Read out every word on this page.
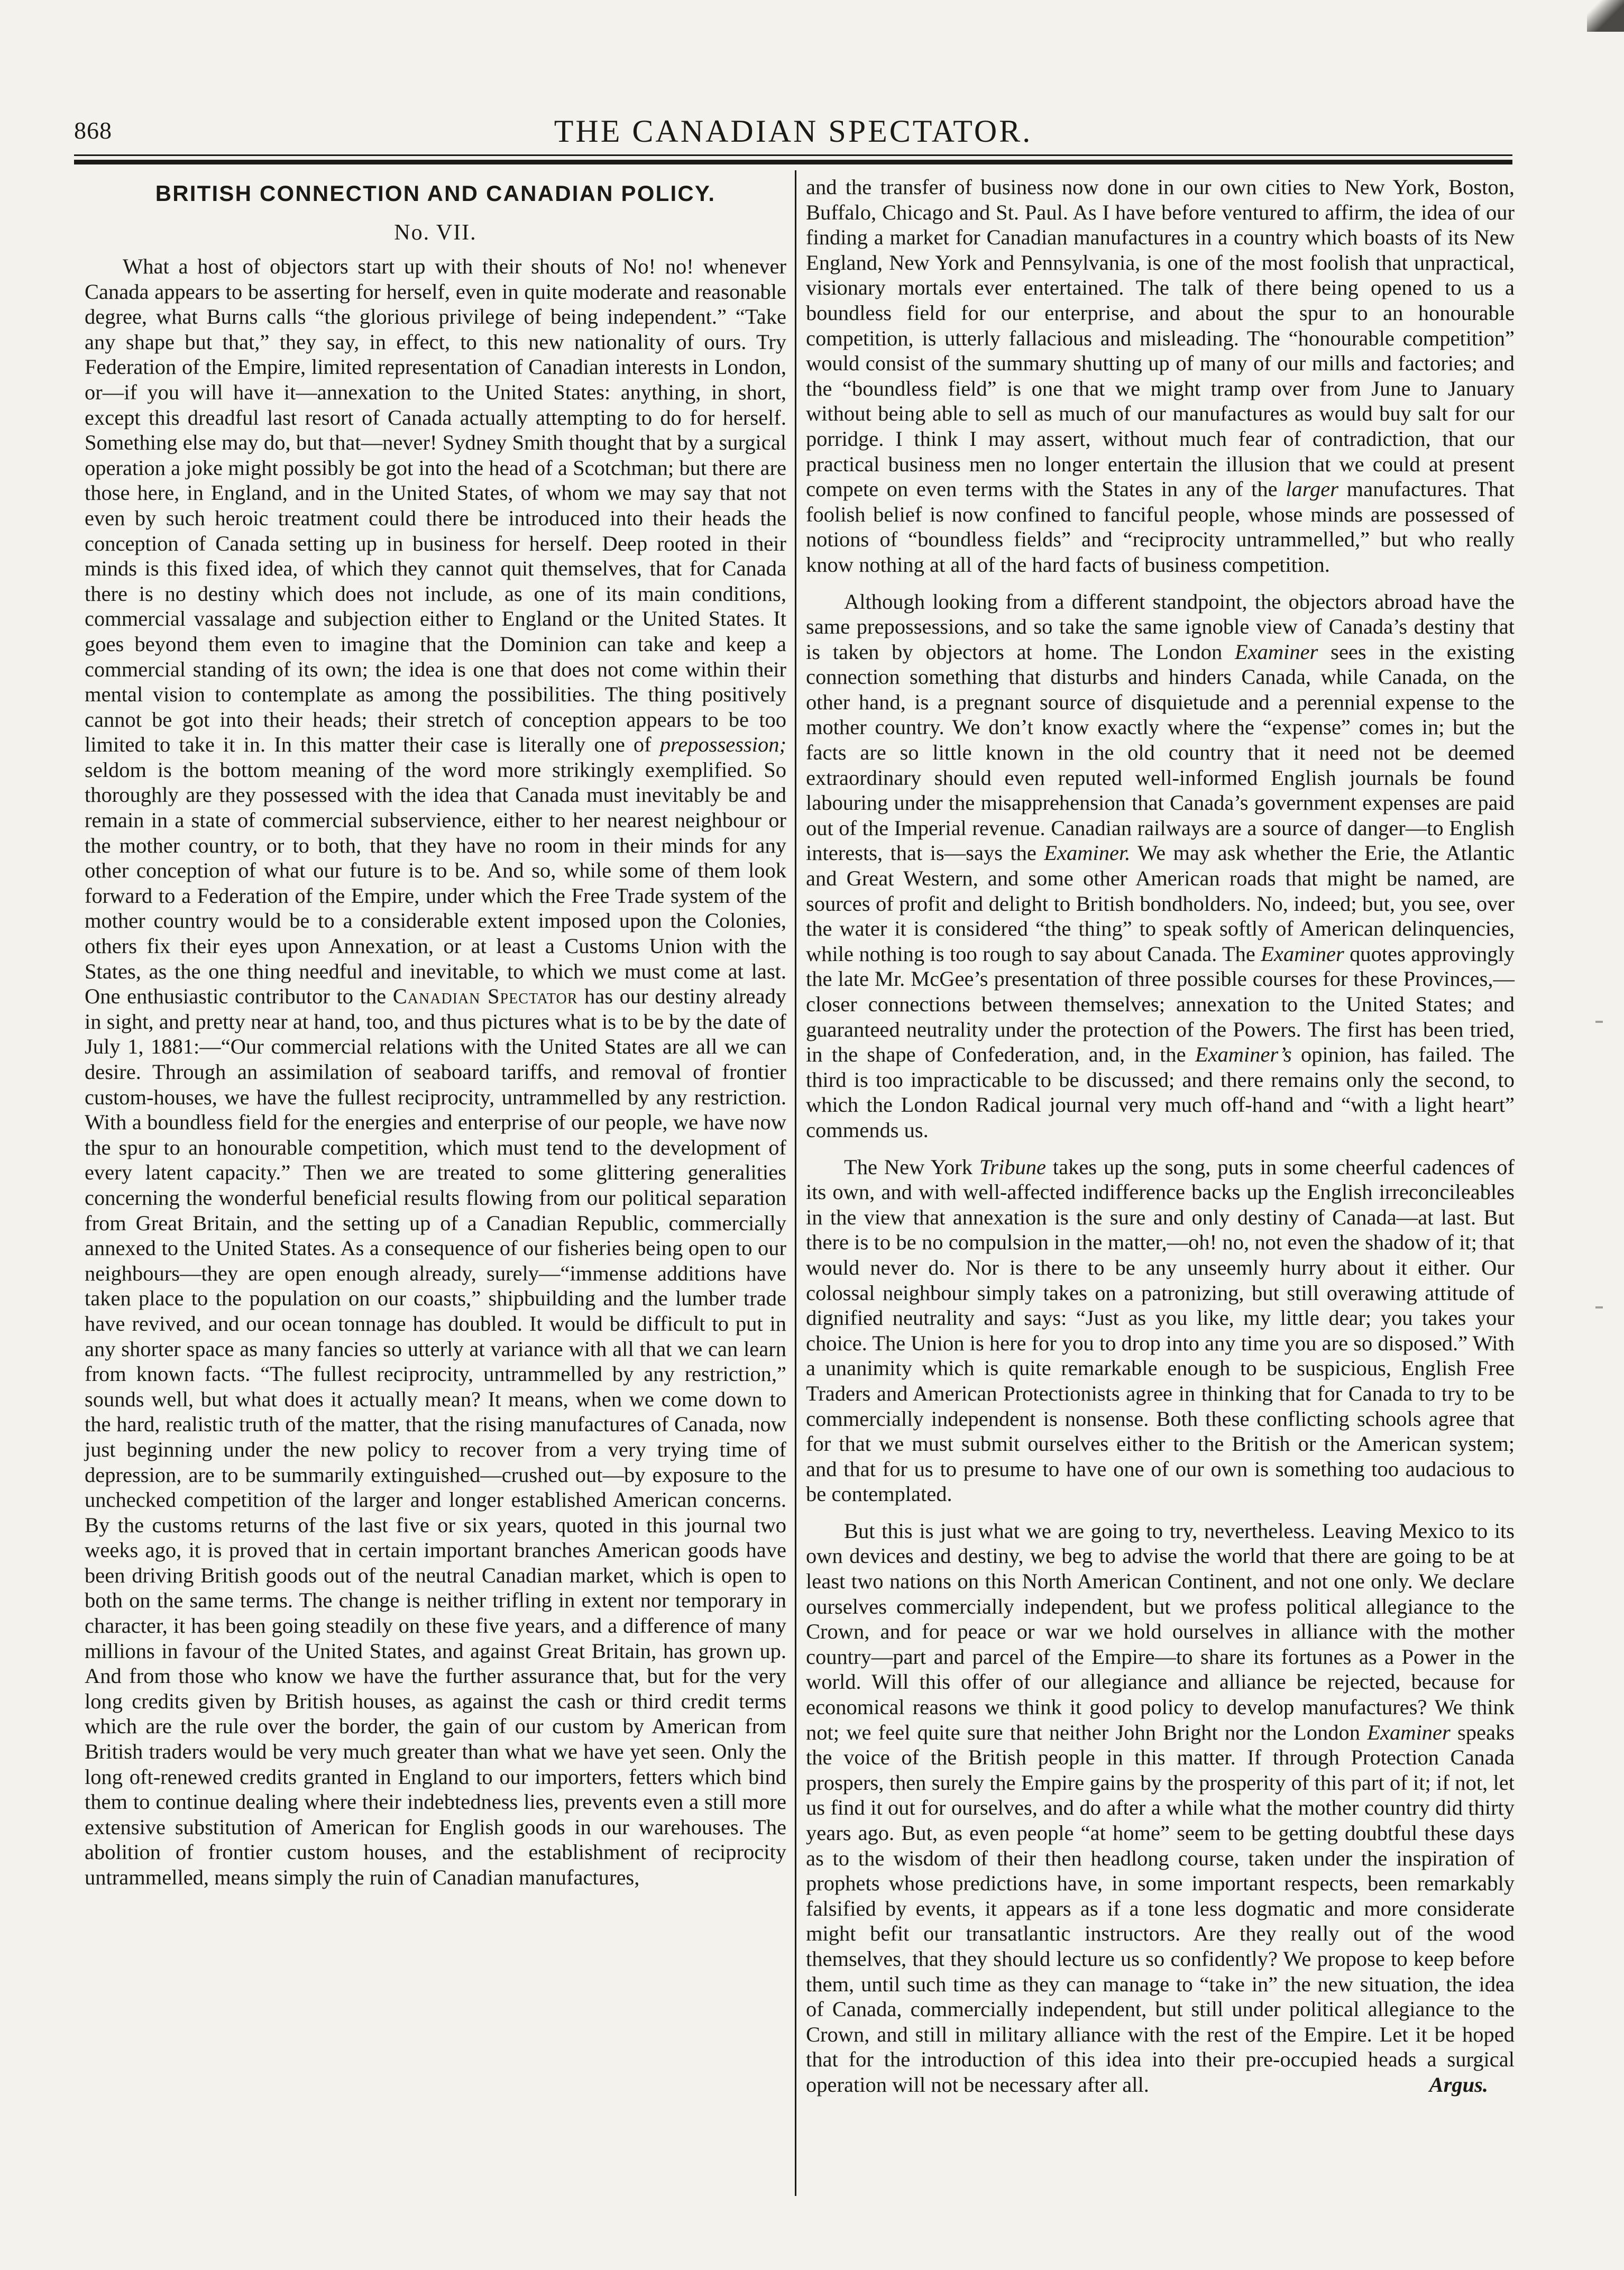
868	THE CANADIAN SPECTATOR.
BRITISH CONNECTION AND CANADIAN POLICY.
No. VII.

What a host of objectors start up with their shouts of No! no! whenever Canada appears to be asserting for herself, even in quite moderate and reasonable degree, what Burns calls “the glorious privilege of being independent.” “Take any shape but that,” they say, in effect, to this new nationality of ours. Try Federation of the Empire, limited representation of Canadian interests in London, or—if you will have it—annexation to the United States: anything, in short, except this dreadful last resort of Canada actually attempting to do for herself. Something else may do, but that—never! Sydney Smith thought that by a surgical operation a joke might possibly be got into the head of a Scotchman; but there are those here, in England, and in the United States, of whom we may say that not even by such heroic treatment could there be introduced into their heads the conception of Canada setting up in business for herself. Deep rooted in their minds is this fixed idea, of which they cannot quit themselves, that for Canada there is no destiny which does not include, as one of its main conditions, commercial vassalage and subjection either to England or the United States. It goes beyond them even to imagine that the Dominion can take and keep a commercial standing of its own; the idea is one that does not come within their mental vision to contemplate as among the possibilities. The thing positively cannot be got into their heads; their stretch of conception appears to be too limited to take it in. In this matter their case is literally one of prepossession; seldom is the bottom meaning of the word more strikingly exemplified. So thoroughly are they possessed with the idea that Canada must inevitably be and remain in a state of commercial subservience, either to her nearest neighbour or the mother country, or to both, that they have no room in their minds for any other conception of what our future is to be. And so, while some of them look forward to a Federation of the Empire, under which the Free Trade system of the mother country would be to a considerable extent imposed upon the Colonies, others fix their eyes upon Annexation, or at least a Customs Union with the States, as the one thing needful and inevitable, to which we must come at last. One enthusiastic contributor to the Canadian Spectator has our destiny already in sight, and pretty near at hand, too, and thus pictures what is to be by the date of July 1, 1881:—“Our commercial relations with the United States are all we can desire. Through an assimilation of seaboard tariffs, and removal of frontier custom-houses, we have the fullest reciprocity, untrammelled by any restriction. With a boundless field for the energies and enterprise of our people, we have now the spur to an honourable competition, which must tend to the development of every latent capacity.” Then we are treated to some glittering generalities concerning the wonderful beneficial results flowing from our political separation from Great Britain, and the setting up of a Canadian Republic, commercially annexed to the United States. As a consequence of our fisheries being open to our neighbours—they are open enough already, surely—“immense additions have taken place to the population on our coasts,” shipbuilding and the lumber trade have revived, and our ocean tonnage has doubled. It would be difficult to put in any shorter space as many fancies so utterly at variance with all that we can learn from known facts. “The fullest reciprocity, untrammelled by any restriction,” sounds well, but what does it actually mean? It means, when we come down to the hard, realistic truth of the matter, that the rising manufactures of Canada, now just beginning under the new policy to recover from a very trying time of depression, are to be summarily extinguished—crushed out—by exposure to the unchecked competition of the larger and longer established American concerns. By the customs returns of the last five or six years, quoted in this journal two weeks ago, it is proved that in certain important branches American goods have been driving British goods out of the neutral Canadian market, which is open to both on the same terms. The change is neither trifling in extent nor temporary in character, it has been going steadily on these five years, and a difference of many millions in favour of the United States, and against Great Britain, has grown up. And from those who know we have the further assurance that, but for the very long credits given by British houses, as against the cash or third credit terms which are the rule over the border, the gain of our custom by American from British traders would be very much greater than what we have yet seen. Only the long oft-renewed credits granted in England to our importers, fetters which bind them to continue dealing where their indebtedness lies, prevents even a still more extensive substitution of American for English goods in our warehouses. The abolition of frontier custom houses, and the establishment of reciprocity untrammelled, means simply the ruin of Canadian manufactures,

and the transfer of business now done in our own cities to New York, Boston, Buffalo, Chicago and St. Paul. As I have before ventured to affirm, the idea of our finding a market for Canadian manufactures in a country which boasts of its New England, New York and Pennsylvania, is one of the most foolish that unpractical, visionary mortals ever entertained. The talk of there being opened to us a boundless field for our enterprise, and about the spur to an honourable competition, is utterly fallacious and misleading. The “honourable competition” would consist of the summary shutting up of many of our mills and factories; and the “boundless field” is one that we might tramp over from June to January without being able to sell as much of our manufactures as would buy salt for our porridge. I think I may assert, without much fear of contradiction, that our practical business men no longer entertain the illusion that we could at present compete on even terms with the States in any of the larger manufactures. That foolish belief is now confined to fanciful people, whose minds are possessed of notions of “boundless fields” and “reciprocity untrammelled,” but who really know nothing at all of the hard facts of business competition.

Although looking from a different standpoint, the objectors abroad have the same prepossessions, and so take the same ignoble view of Canada’s destiny that is taken by objectors at home. The London Examiner sees in the existing connection something that disturbs and hinders Canada, while Canada, on the other hand, is a pregnant source of disquietude and a perennial expense to the mother country. We don’t know exactly where the “expense” comes in; but the facts are so little known in the old country that it need not be deemed extraordinary should even reputed well-informed English journals be found labouring under the misapprehension that Canada’s government expenses are paid out of the Imperial revenue. Canadian railways are a source of danger—to English interests, that is—says the Examiner. We may ask whether the Erie, the Atlantic and Great Western, and some other American roads that might be named, are sources of profit and delight to British bondholders. No, indeed; but, you see, over the water it is considered “the thing” to speak softly of American delinquencies, while nothing is too rough to say about Canada. The Examiner quotes approvingly the late Mr. McGee’s presentation of three possible courses for these Provinces,—closer connections between themselves; annexation to the United States; and guaranteed neutrality under the protection of the Powers. The first has been tried, in the shape of Confederation, and, in the Examiner’s opinion, has failed. The third is too impracticable to be discussed; and there remains only the second, to which the London Radical journal very much off-hand and “with a light heart” commends us.

The New York Tribune takes up the song, puts in some cheerful cadences of its own, and with well-affected indifference backs up the English irreconcileables in the view that annexation is the sure and only destiny of Canada—at last. But there is to be no compulsion in the matter,—oh! no, not even the shadow of it; that would never do. Nor is there to be any unseemly hurry about it either. Our colossal neighbour simply takes on a patronizing, but still overawing attitude of dignified neutrality and says: “Just as you like, my little dear; you takes your choice. The Union is here for you to drop into any time you are so disposed.” With a unanimity which is quite remarkable enough to be suspicious, English Free Traders and American Protectionists agree in thinking that for Canada to try to be commercially independent is nonsense. Both these conflicting schools agree that for that we must submit ourselves either to the British or the American system; and that for us to presume to have one of our own is something too audacious to be contemplated.

But this is just what we are going to try, nevertheless. Leaving Mexico to its own devices and destiny, we beg to advise the world that there are going to be at least two nations on this North American Continent, and not one only. We declare ourselves commercially independent, but we profess political allegiance to the Crown, and for peace or war we hold ourselves in alliance with the mother country—part and parcel of the Empire—to share its fortunes as a Power in the world. Will this offer of our allegiance and alliance be rejected, because for economical reasons we think it good policy to develop manufactures? We think not; we feel quite sure that neither John Bright nor the London Examiner speaks the voice of the British people in this matter. If through Protection Canada prospers, then surely the Empire gains by the prosperity of this part of it; if not, let us find it out for ourselves, and do after a while what the mother country did thirty years ago. But, as even people “at home” seem to be getting doubtful these days as to the wisdom of their then headlong course, taken under the inspiration of prophets whose predictions have, in some important respects, been remarkably falsified by events, it appears as if a tone less dogmatic and more considerate might befit our transatlantic instructors. Are they really out of the wood themselves, that they should lecture us so confidently? We propose to keep before them, until such time as they can manage to “take in” the new situation, the idea of Canada, commercially independent, but still under political allegiance to the Crown, and still in military alliance with the rest of the Empire. Let it be hoped that for the introduction of this idea into their pre-occupied heads a surgical operation will not be necessary after all.	Argus.
